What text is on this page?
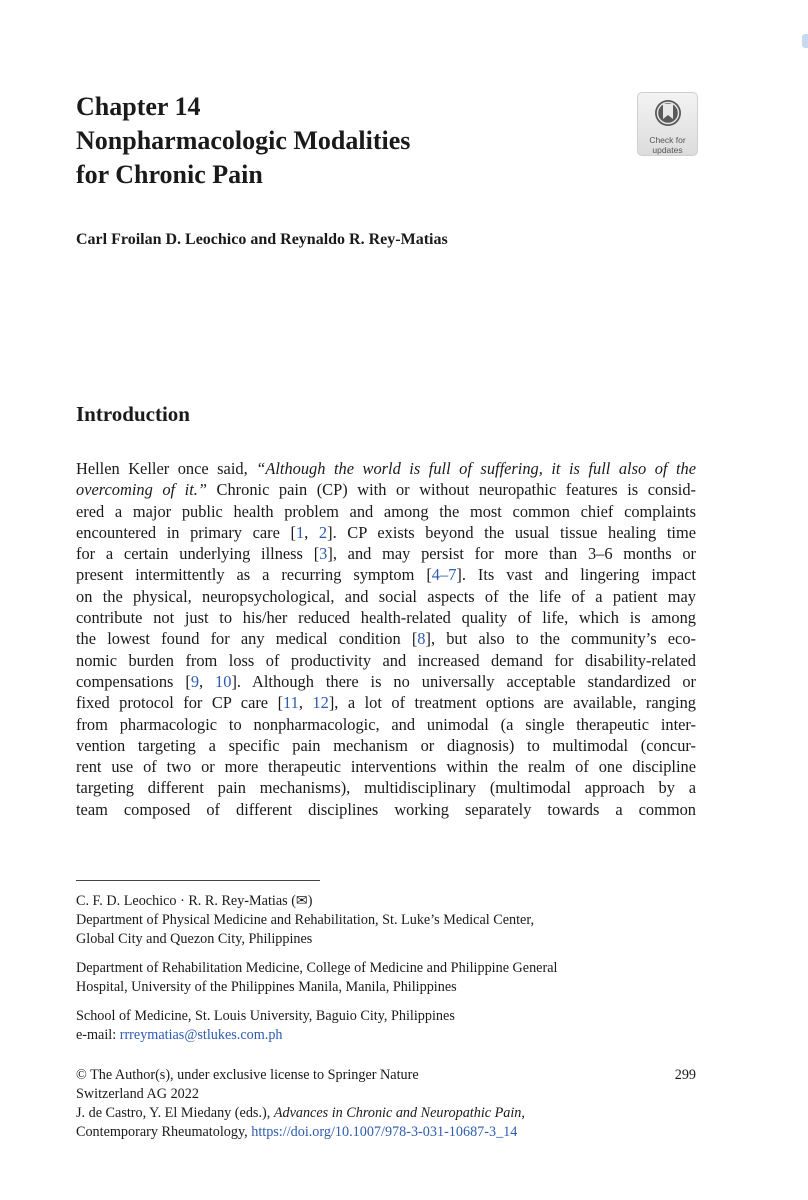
Chapter 14
Nonpharmacologic Modalities
for Chronic Pain
Check for
updates
Carl Froilan D. Leochico and Reynaldo R. Rey-Matias
Introduction
Hellen Keller once said, “Although the world is full of suffering, it is full also of the
overcoming of it.” Chronic pain (CP) with or without neuropathic features is consid-
ered a major public health problem and among the most common chief complaints
encountered in primary care [1, 2]. CP exists beyond the usual tissue healing time
for a certain underlying illness [3], and may persist for more than 3–6 months or
present intermittently as a recurring symptom [4–7]. Its vast and lingering impact
on the physical, neuropsychological, and social aspects of the life of a patient may
contribute not just to his/her reduced health-related quality of life, which is among
the lowest found for any medical condition [8], but also to the community’s eco-
nomic burden from loss of productivity and increased demand for disability-related
compensations [9, 10]. Although there is no universally acceptable standardized or
fixed protocol for CP care [11, 12], a lot of treatment options are available, ranging
from pharmacologic to nonpharmacologic, and unimodal (a single therapeutic inter-
vention targeting a specific pain mechanism or diagnosis) to multimodal (concur-
rent use of two or more therapeutic interventions within the realm of one discipline
targeting different pain mechanisms), multidisciplinary (multimodal approach by a
team composed of different disciplines working separately towards a common

C. F. D. Leochico · R. R. Rey-Matias (✉)
Department of Physical Medicine and Rehabilitation, St. Luke’s Medical Center,
Global City and Quezon City, Philippines

Department of Rehabilitation Medicine, College of Medicine and Philippine General
Hospital, University of the Philippines Manila, Manila, Philippines

School of Medicine, St. Louis University, Baguio City, Philippines
e-mail: rrreymatias@stlukes.com.ph

© The Author(s), under exclusive license to Springer Nature
Switzerland AG 2022
J. de Castro, Y. El Miedany (eds.), Advances in Chronic and Neuropathic Pain,
Contemporary Rheumatology, https://doi.org/10.1007/978-3-031-10687-3_14
299
